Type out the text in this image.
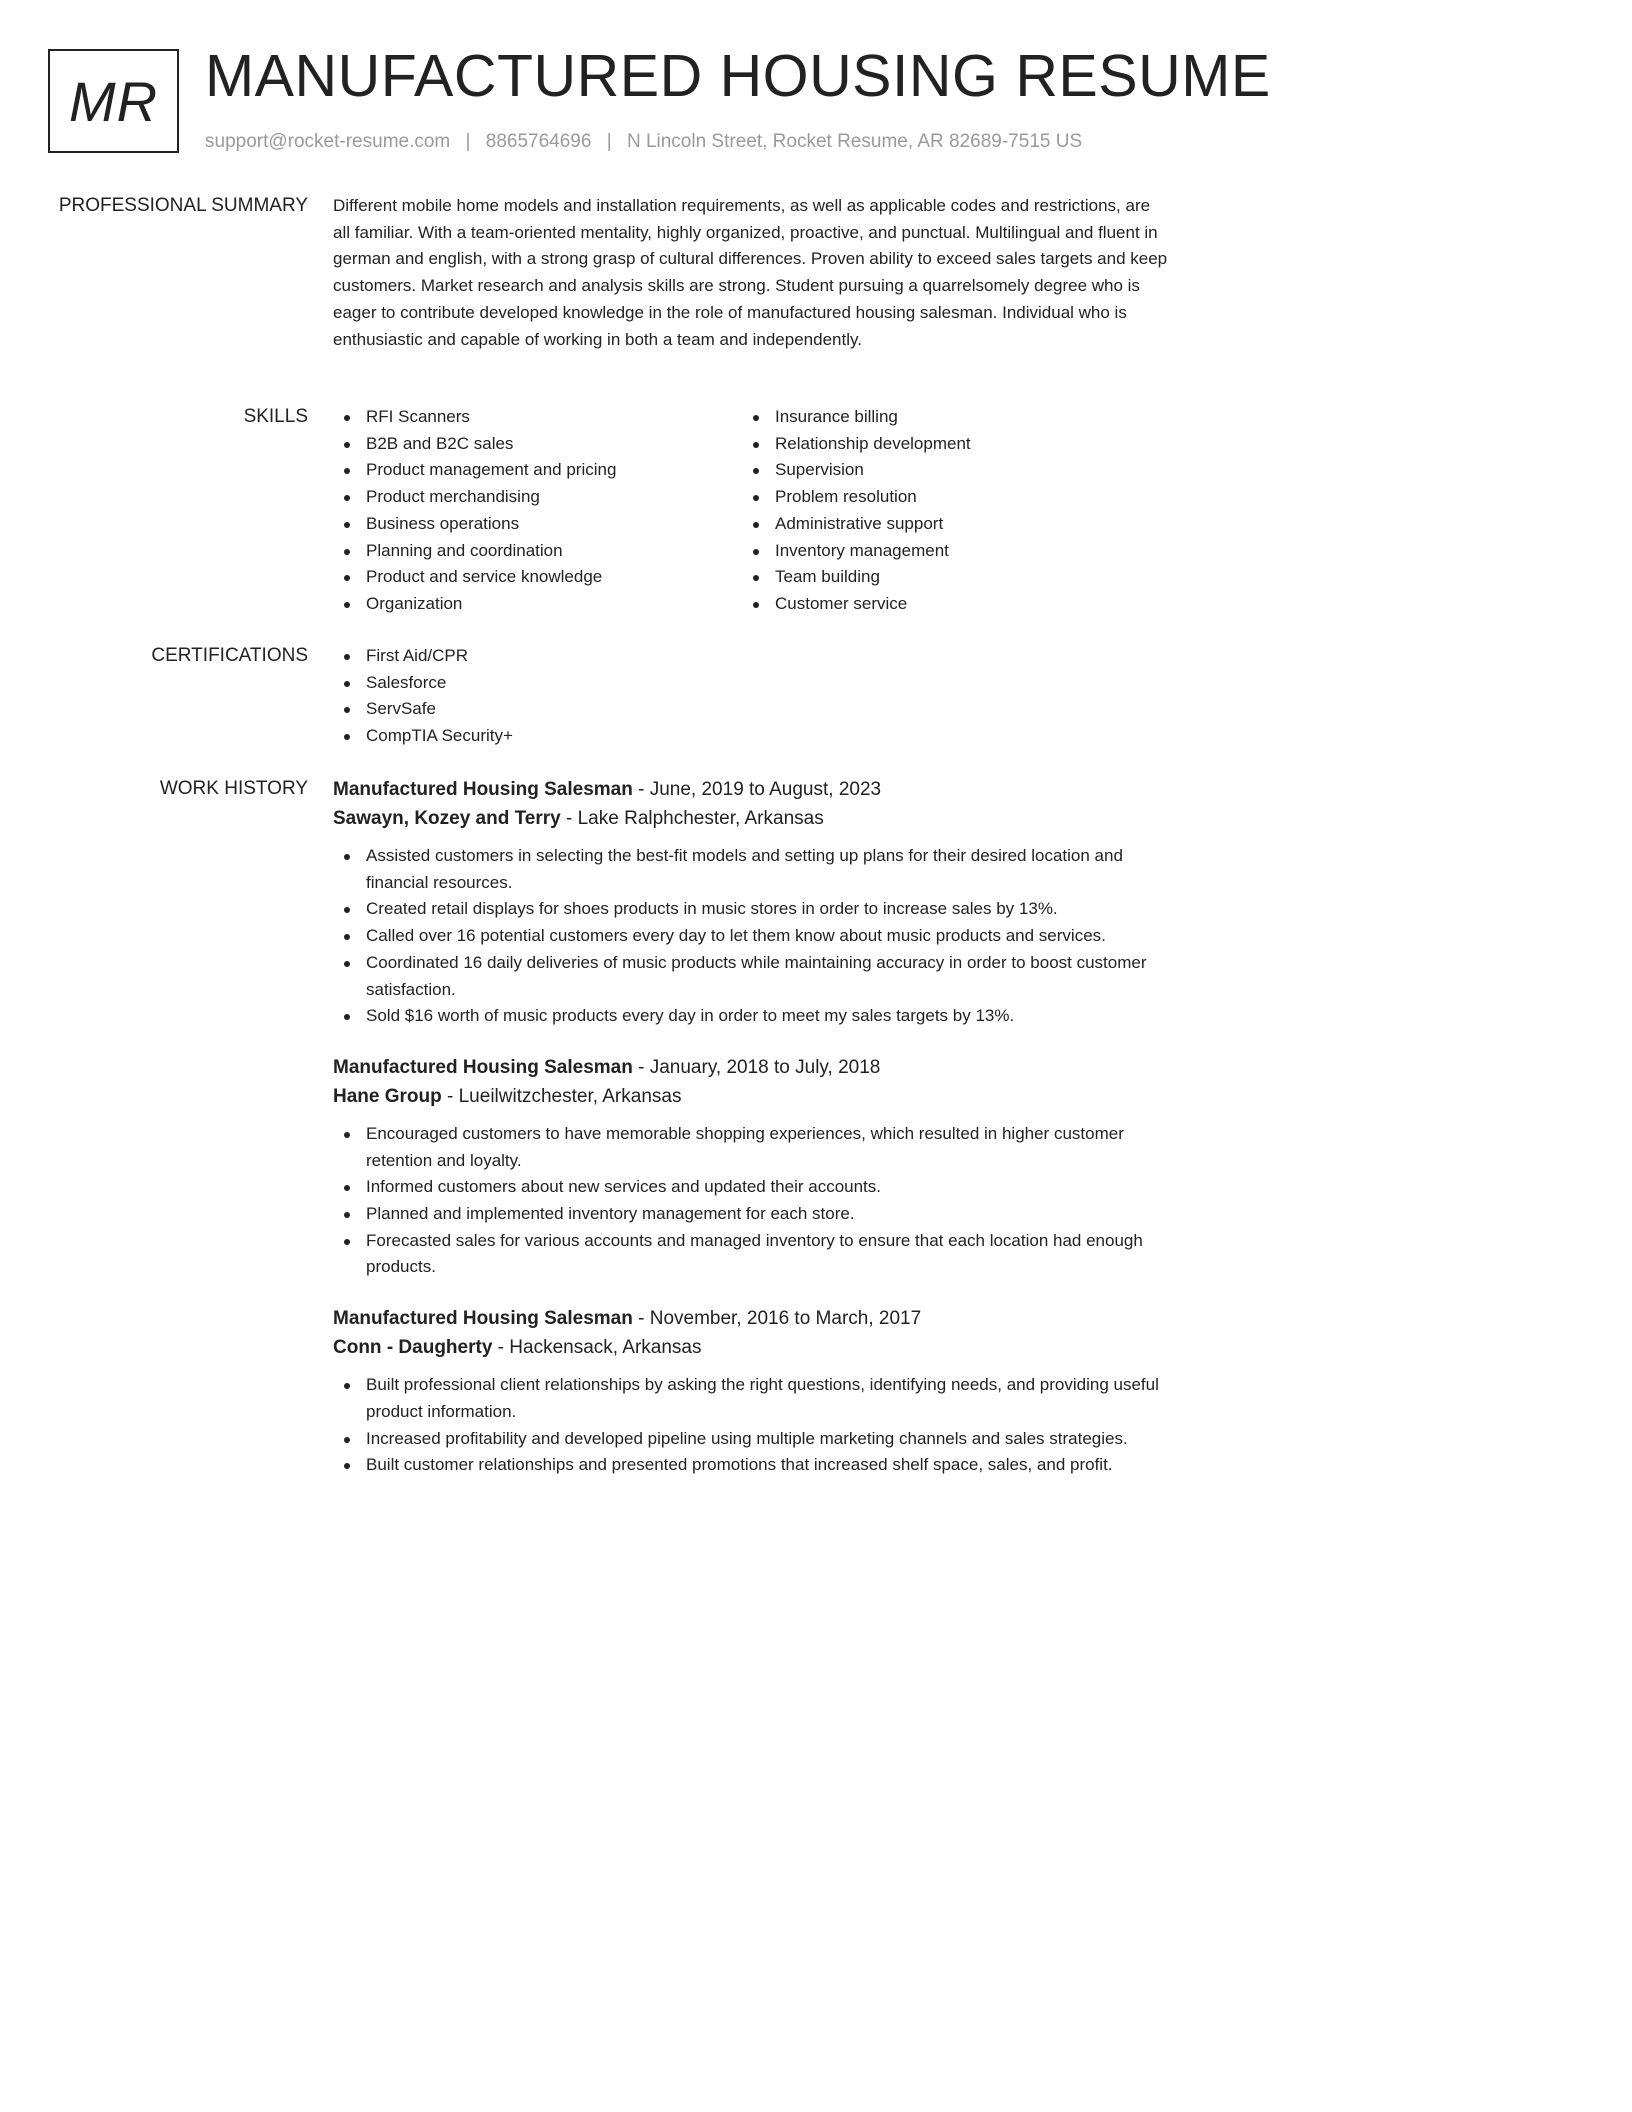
MR MANUFACTURED HOUSING RESUME
support@rocket-resume.com | 8865764696 | N Lincoln Street, Rocket Resume, AR 82689-7515 US
PROFESSIONAL SUMMARY Different mobile home models and installation requirements, as well as applicable codes and restrictions, are all familiar. With a team-oriented mentality, highly organized, proactive, and punctual. Multilingual and fluent in german and english, with a strong grasp of cultural differences. Proven ability to exceed sales targets and keep customers. Market research and analysis skills are strong. Student pursuing a quarrelsomely degree who is eager to contribute developed knowledge in the role of manufactured housing salesman. Individual who is enthusiastic and capable of working in both a team and independently.
SKILLS	RFI Scanners
B2B and B2C sales
Product management and pricing
Product merchandising
Business operations
Planning and coordination
Product and service knowledge
Organization
Insurance billing
Relationship development
Supervision
Problem resolution
Administrative support
Inventory management
Team building
Customer service
CERTIFICATIONS	First Aid/CPR
Salesforce
ServSafe
CompTIA Security+
WORK HISTORY Manufactured Housing Salesman - June, 2019 to August, 2023
Sawayn, Kozey and Terry - Lake Ralphchester, Arkansas
Assisted customers in selecting the best-fit models and setting up plans for their desired location and financial resources.
Created retail displays for shoes products in music stores in order to increase sales by 13%.
Called over 16 potential customers every day to let them know about music products and services.
Coordinated 16 daily deliveries of music products while maintaining accuracy in order to boost customer satisfaction.
Sold $16 worth of music products every day in order to meet my sales targets by 13%.
Manufactured Housing Salesman - January, 2018 to July, 2018
Hane Group - Lueilwitzchester, Arkansas
Encouraged customers to have memorable shopping experiences, which resulted in higher customer retention and loyalty.
Informed customers about new services and updated their accounts.
Planned and implemented inventory management for each store.
Forecasted sales for various accounts and managed inventory to ensure that each location had enough products.
Manufactured Housing Salesman - November, 2016 to March, 2017
Conn - Daugherty - Hackensack, Arkansas
Built professional client relationships by asking the right questions, identifying needs, and providing useful product information.
Increased profitability and developed pipeline using multiple marketing channels and sales strategies.
Built customer relationships and presented promotions that increased shelf space, sales, and profit.
